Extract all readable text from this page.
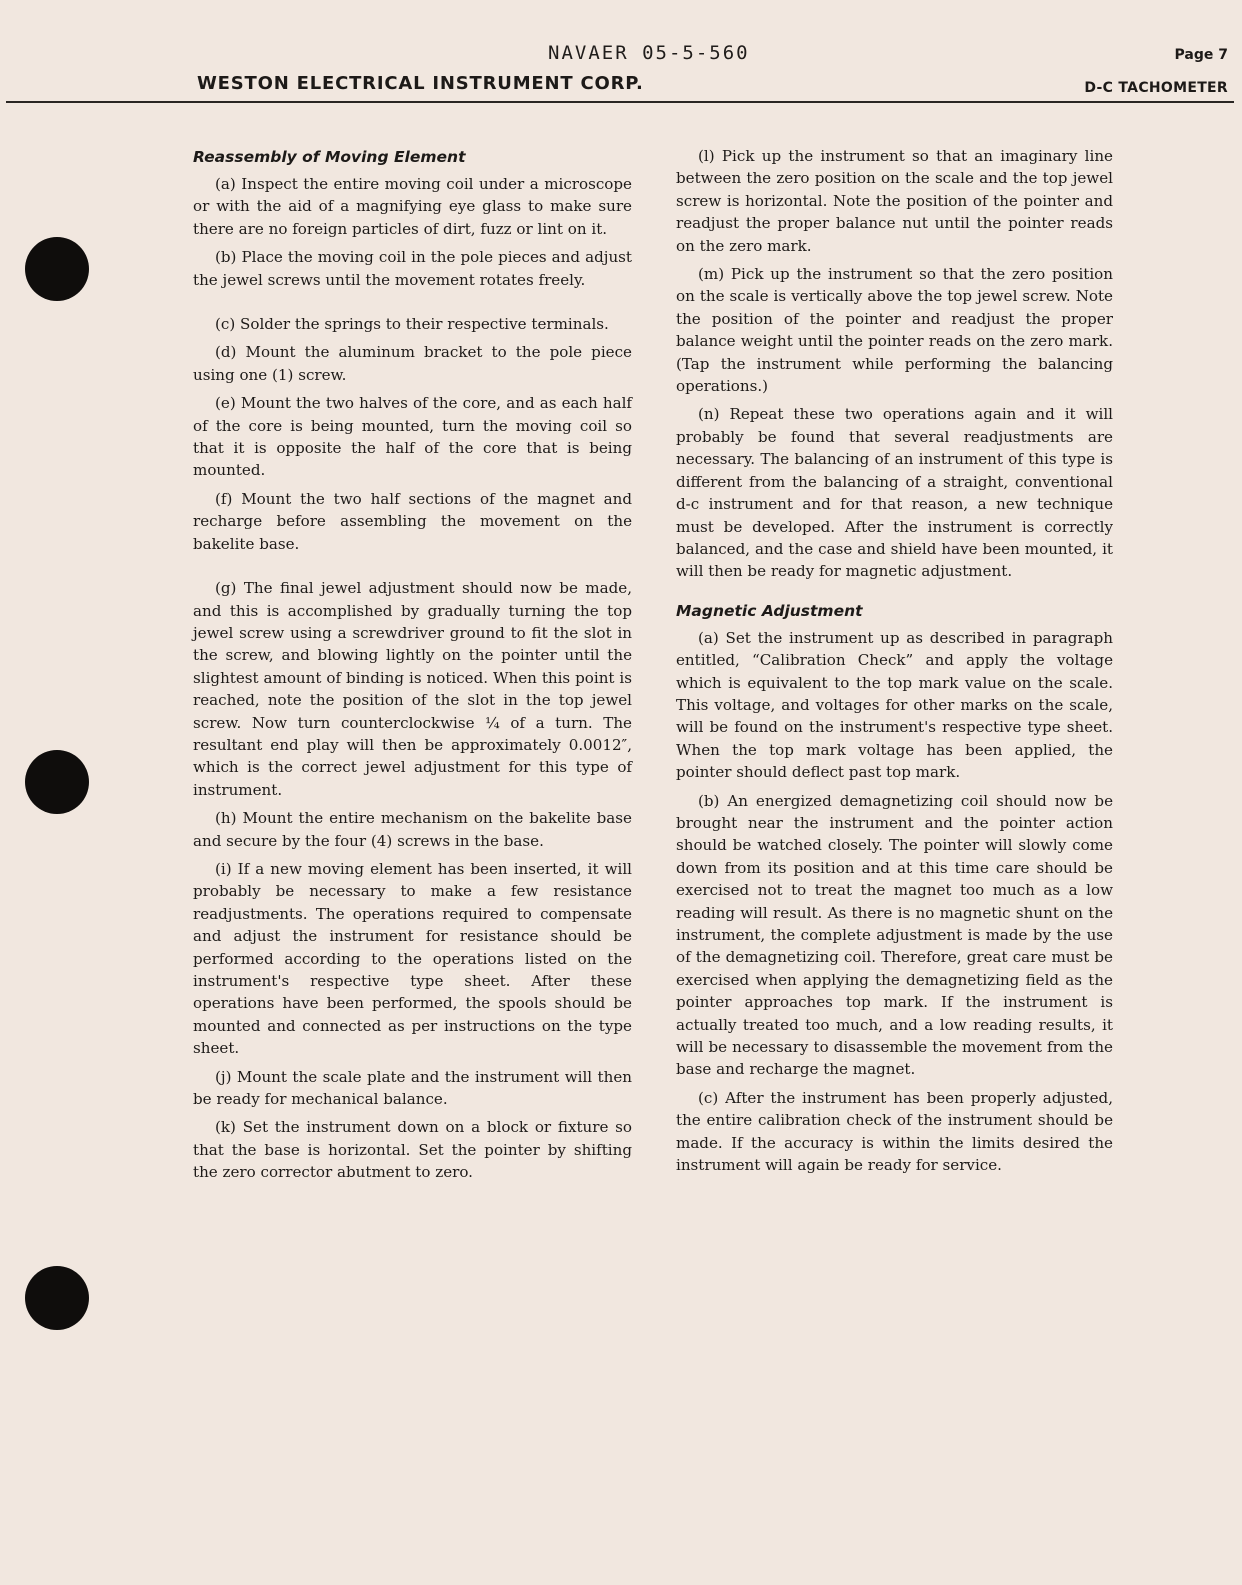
NAVAER 05-5-560	Page 7
WESTON ELECTRICAL INSTRUMENT CORP.	D-C TACHOMETER
Reassembly of Moving Element

(a) Inspect the entire moving coil under a microscope or with the aid of a magnifying eye glass to make sure there are no foreign particles of dirt, fuzz or lint on it.

(b) Place the moving coil in the pole pieces and adjust the jewel screws until the movement rotates freely.

(c) Solder the springs to their respective terminals.

(d) Mount the aluminum bracket to the pole piece using one (1) screw.

(e) Mount the two halves of the core, and as each half of the core is being mounted, turn the moving coil so that it is opposite the half of the core that is being mounted.

(f) Mount the two half sections of the magnet and recharge before assembling the movement on the bakelite base.

(g) The final jewel adjustment should now be made, and this is accomplished by gradually turning the top jewel screw using a screwdriver ground to fit the slot in the screw, and blowing lightly on the pointer until the slightest amount of binding is noticed. When this point is reached, note the position of the slot in the top jewel screw. Now turn counterclockwise ¼ of a turn. The resultant end play will then be approximately 0.0012″, which is the correct jewel adjustment for this type of instrument.

(h) Mount the entire mechanism on the bakelite base and secure by the four (4) screws in the base.

(i) If a new moving element has been inserted, it will probably be necessary to make a few resistance readjustments. The operations required to compensate and adjust the instrument for resistance should be performed according to the operations listed on the instrument's respective type sheet. After these operations have been performed, the spools should be mounted and connected as per instructions on the type sheet.

(j) Mount the scale plate and the instrument will then be ready for mechanical balance.

(k) Set the instrument down on a block or fixture so that the base is horizontal. Set the pointer by shifting the zero corrector abutment to zero.

(l) Pick up the instrument so that an imaginary line between the zero position on the scale and the top jewel screw is horizontal. Note the position of the pointer and readjust the proper balance nut until the pointer reads on the zero mark.

(m) Pick up the instrument so that the zero position on the scale is vertically above the top jewel screw. Note the position of the pointer and readjust the proper balance weight until the pointer reads on the zero mark. (Tap the instrument while performing the balancing operations.)

(n) Repeat these two operations again and it will probably be found that several readjustments are necessary. The balancing of an instrument of this type is different from the balancing of a straight, conventional d-c instrument and for that reason, a new technique must be developed. After the instrument is correctly balanced, and the case and shield have been mounted, it will then be ready for magnetic adjustment.

Magnetic Adjustment

(a) Set the instrument up as described in paragraph entitled, “Calibration Check” and apply the voltage which is equivalent to the top mark value on the scale. This voltage, and voltages for other marks on the scale, will be found on the instrument's respective type sheet. When the top mark voltage has been applied, the pointer should deflect past top mark.

(b) An energized demagnetizing coil should now be brought near the instrument and the pointer action should be watched closely. The pointer will slowly come down from its position and at this time care should be exercised not to treat the magnet too much as a low reading will result. As there is no magnetic shunt on the instrument, the complete adjustment is made by the use of the demagnetizing coil. Therefore, great care must be exercised when applying the demagnetizing field as the pointer approaches top mark. If the instrument is actually treated too much, and a low reading results, it will be necessary to disassemble the movement from the base and recharge the magnet.

(c) After the instrument has been properly adjusted, the entire calibration check of the instrument should be made. If the accuracy is within the limits desired the instrument will again be ready for service.
